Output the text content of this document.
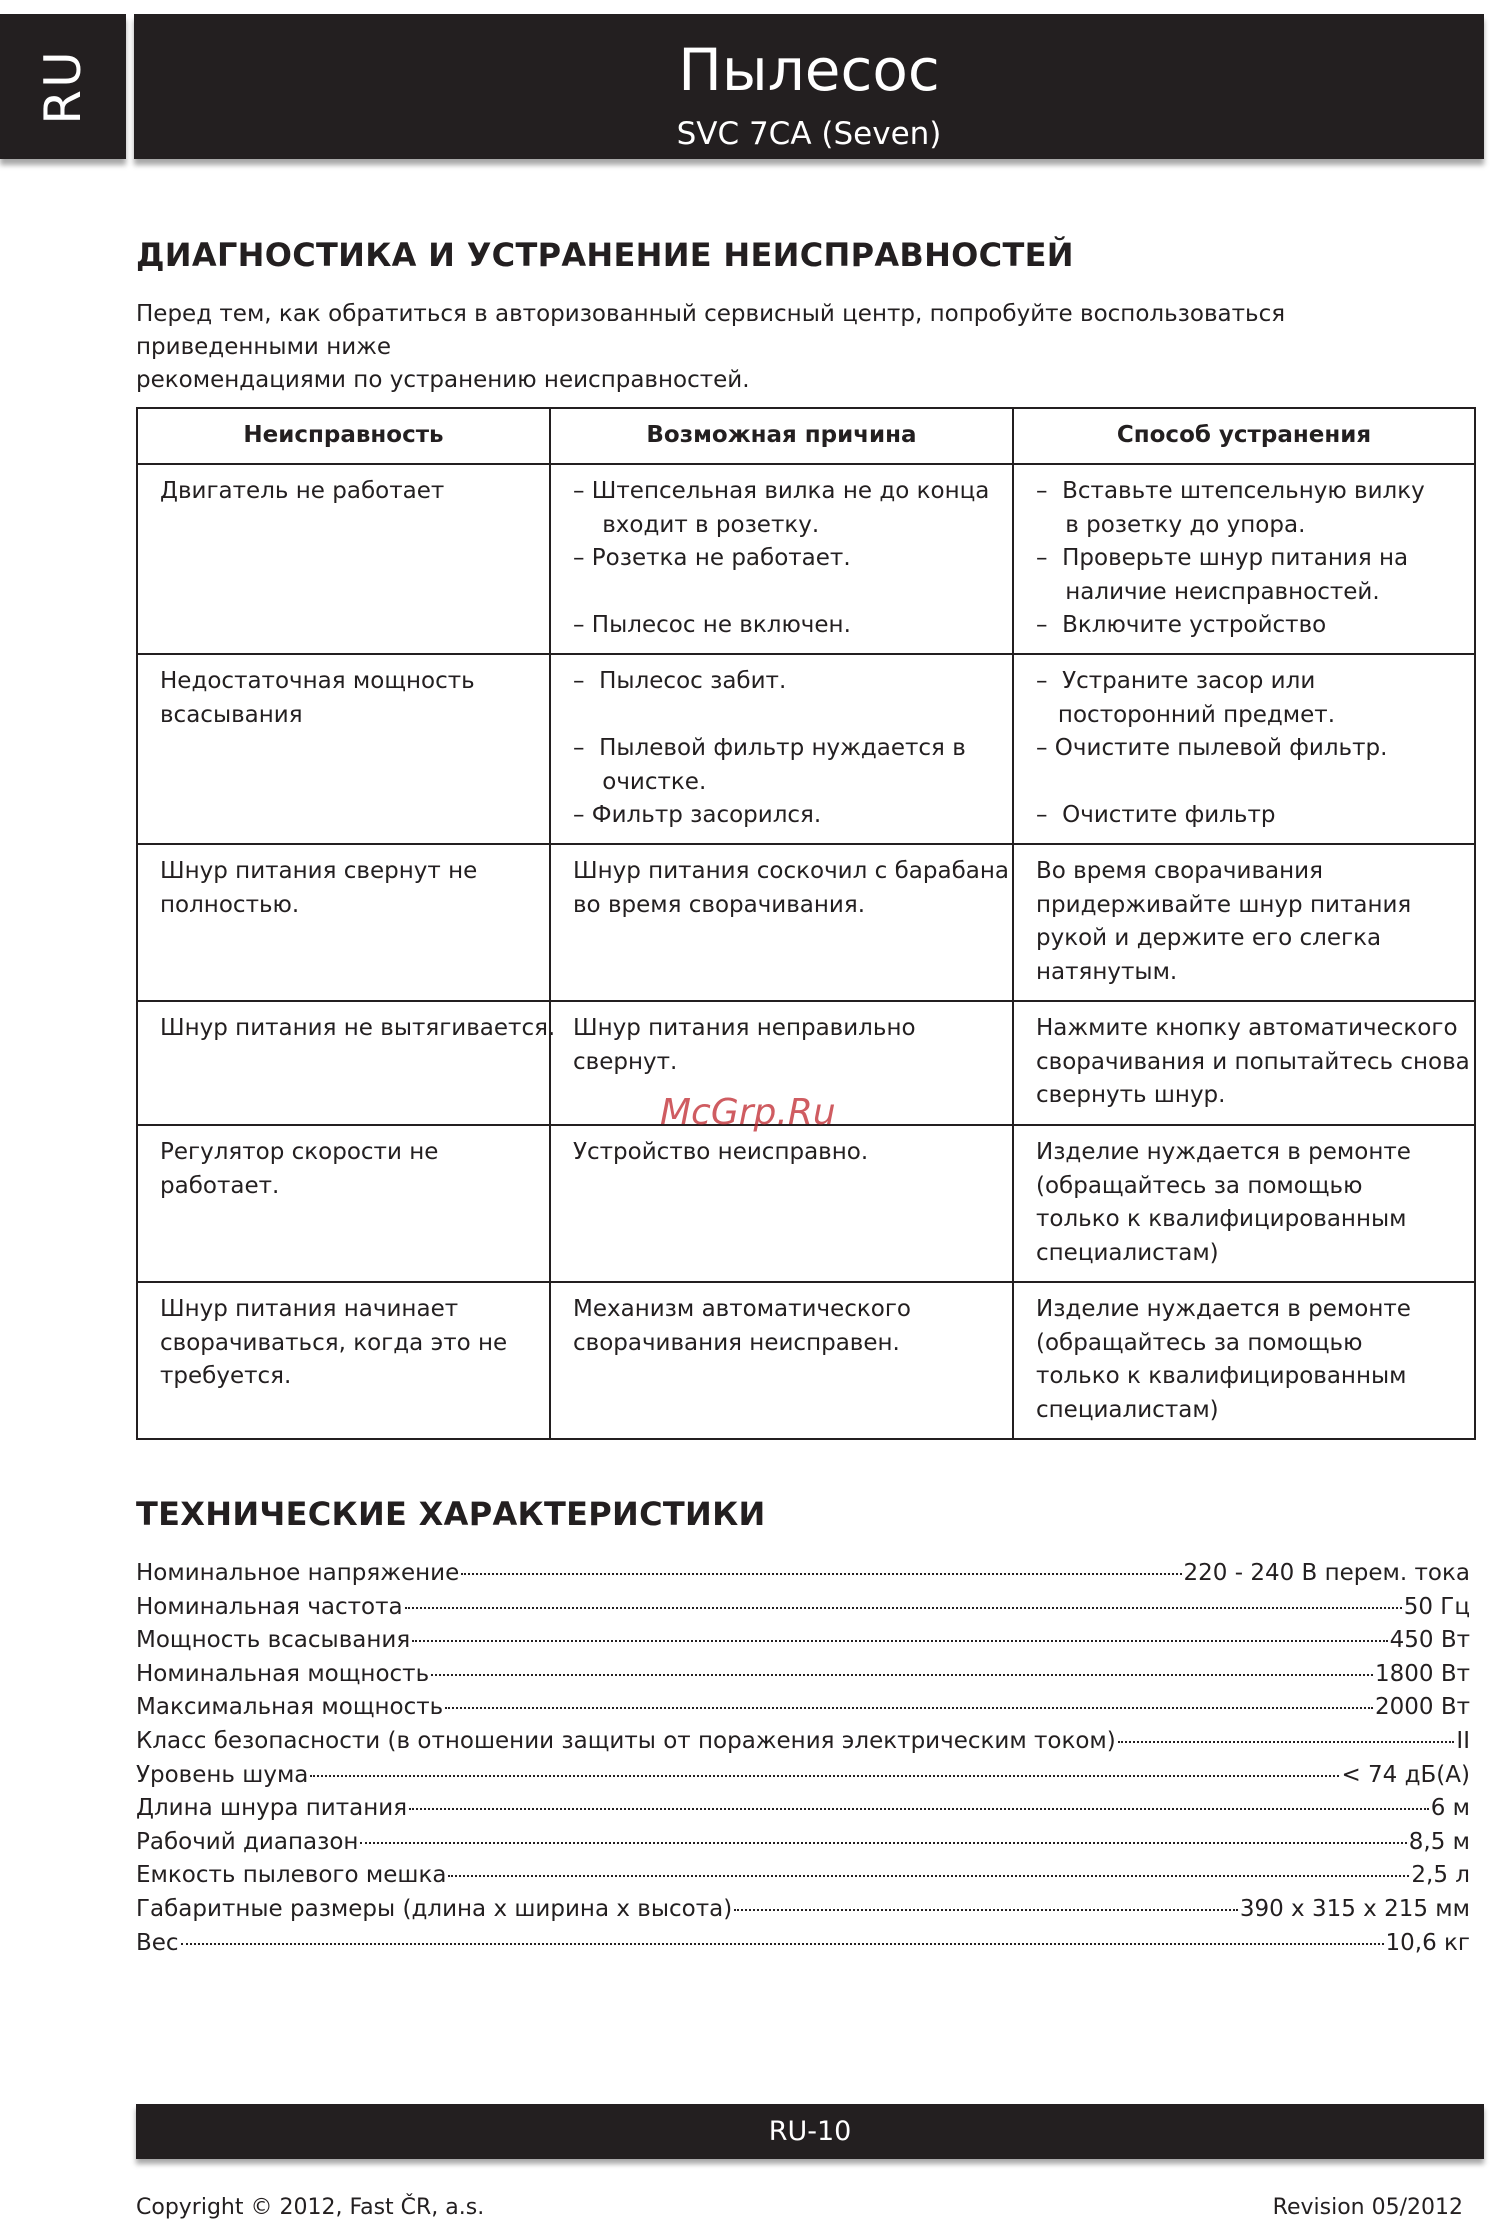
RU	Пылесос
SVC 7CA (Seven)
ДИАГНОСТИКА И УСТРАНЕНИЕ НЕИСПРАВНОСТЕЙ

Перед тем, как обратиться в авторизованный сервисный центр, попробуйте воспользоваться приведенными ниже
рекомендациями по устранению неисправностей.

Неисправность	Возможная причина	Способ устранения

Двигатель не работает	– Штепсельная вилка не до конца
входит в розетку.
– Розетка не работает.
– Пылесос не включен.	–  Вставьте штепсельную вилку
в розетку до упора.
–  Проверьте шнур питания на
наличие неисправностей.
–  Включите устройство

Недостаточная мощность
всасывания	–  Пылесос забит.
–  Пылевой фильтр нуждается в
очистке.
– Фильтр засорился.	–  Устраните засор или
посторонний предмет.
– Очистите пылевой фильтр.
–  Очистите фильтр

Шнур питания свернут не
полностью.	Шнур питания соскочил с барабана
во время сворачивания.	Во время сворачивания
придерживайте шнур питания
рукой и держите его слегка
натянутым.

Шнур питания не вытягивается.	Шнур питания неправильно
свернут.	Нажмите кнопку автоматического
сворачивания и попытайтесь снова
свернуть шнур.

Регулятор скорости не
работает.	Устройство неисправно.	Изделие нуждается в ремонте
(обращайтесь за помощью
только к квалифицированным
специалистам)

Шнур питания начинает
сворачиваться, когда это не
требуется.	Механизм автоматического
сворачивания неисправен.	Изделие нуждается в ремонте
(обращайтесь за помощью
только к квалифицированным
специалистам)
McGrp.Ru
ТЕХНИЧЕСКИЕ ХАРАКТЕРИСТИКИ
Номинальное напряжение	220 - 240 В перем. тока
Номинальная частота	50 Гц
Мощность всасывания	450 Вт
Номинальная мощность	1800 Вт
Максимальная мощность	2000 Вт
Класс безопасности (в отношении защиты от поражения электрическим током)	II
Уровень шума	< 74 дБ(А)
Длина шнура питания	6 м
Рабочий диапазон	8,5 м
Емкость пылевого мешка	2,5 л
Габаритные размеры (длина x ширина x высота)	390 x 315 x 215 мм
Вес	10,6 кг
RU-10
Copyright © 2012, Fast ČR, a.s.	Revision 05/2012
